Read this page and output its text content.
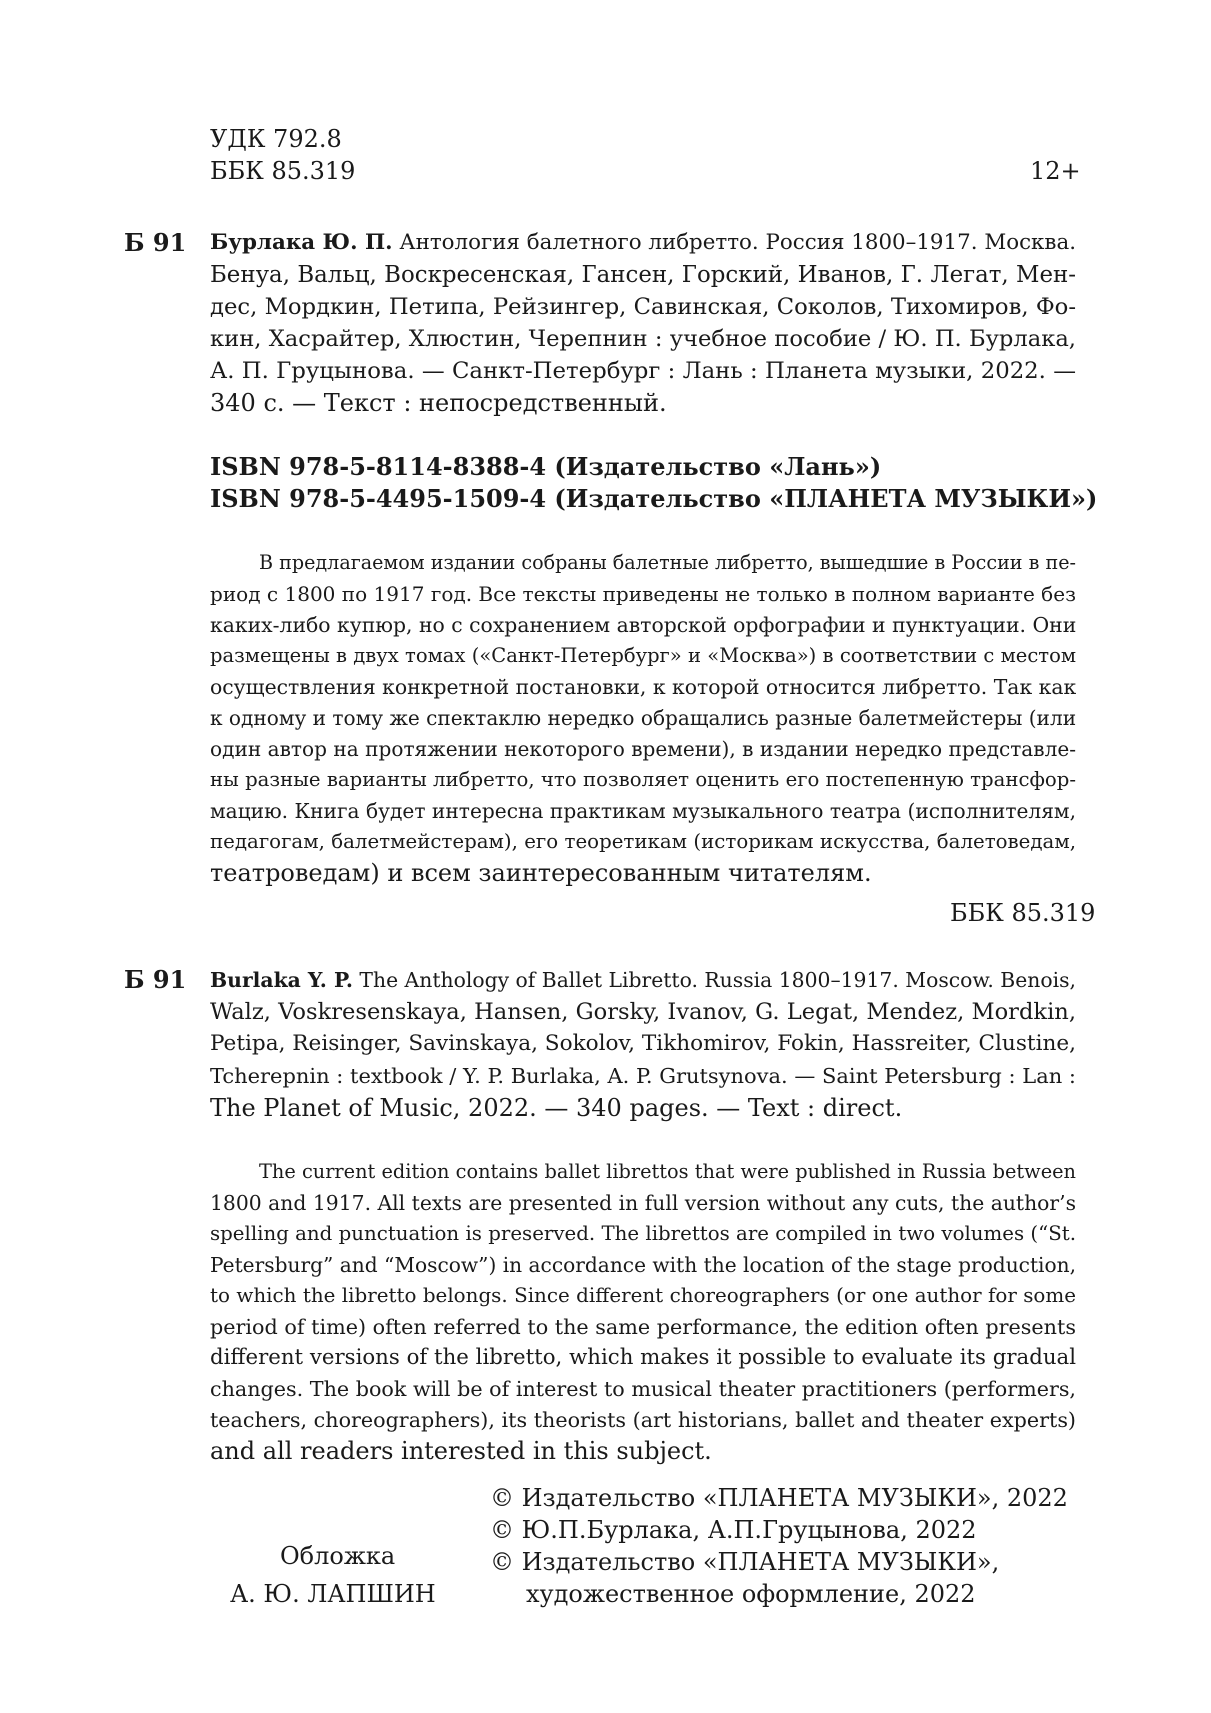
УДК 792.8
ББК 85.319	12+
Б 91 Бурлака Ю. П. Антология балетного либретто. Россия 1800–1917. Москва.
Бенуа, Вальц, Воскресенская, Гансен, Горский, Иванов, Г. Легат, Мен-
дес, Мордкин, Петипа, Рейзингер, Савинская, Соколов, Тихомиров, Фо-
кин, Хасрайтер, Хлюстин, Черепнин : учебное пособие / Ю. П. Бурлака,
А. П. Груцынова. — Санкт-Петербург : Лань : Планета музыки, 2022. —
340 с. — Текст : непосредственный.
ISBN 978-5-8114-8388-4 (Издательство «Лань»)
ISBN 978-5-4495-1509-4 (Издательство «ПЛАНЕТА МУЗЫКИ»)
В предлагаемом издании собраны балетные либретто, вышедшие в России в пе-
риод с 1800 по 1917 год. Все тексты приведены не только в полном варианте без
каких-либо купюр, но с сохранением авторской орфографии и пунктуации. Они
размещены в двух томах («Санкт-Петербург» и «Москва») в соответствии с местом
осуществления конкретной постановки, к которой относится либретто. Так как
к одному и тому же спектаклю нередко обращались разные балетмейстеры (или
один автор на протяжении некоторого времени), в издании нередко представле-
ны разные варианты либретто, что позволяет оценить его постепенную трансфор-
мацию. Книга будет интересна практикам музыкального театра (исполнителям,
педагогам, балетмейстерам), его теоретикам (историкам искусства, балетоведам,
театроведам) и всем заинтересованным читателям.
ББК 85.319
Б 91 Burlaka Y. P. The Anthology of Ballet Libretto. Russia 1800–1917. Moscow. Benois,
Walz, Voskresenskaya, Hansen, Gorsky, Ivanov, G. Legat, Mendez, Mordkin,
Petipa, Reisinger, Savinskaya, Sokolov, Tikhomirov, Fokin, Hassreiter, Clustine,
Tcherepnin : textbook / Y. P. Burlaka, A. P. Grutsynova. — Saint Petersburg : Lan :
The Planet of Music, 2022. — 340 pages. — Text : direct.
The current edition contains ballet librettos that were published in Russia between
1800 and 1917. All texts are presented in full version without any cuts, the author’s
spelling and punctuation is preserved. The librettos are compiled in two volumes (“St.
Petersburg” and “Moscow”) in accordance with the location of the stage production,
to which the libretto belongs. Since different choreographers (or one author for some
period of time) often referred to the same performance, the edition often presents
different versions of the libretto, which makes it possible to evaluate its gradual
changes. The book will be of interest to musical theater practitioners (performers,
teachers, choreographers), its theorists (art historians, ballet and theater experts)
and all readers interested in this subject.
Обложка
А. Ю. ЛАПШИН
© Издательство «ПЛАНЕТА МУЗЫКИ», 2022
© Ю.П.Бурлака, А.П.Груцынова, 2022
© Издательство «ПЛАНЕТА МУЗЫКИ»,
художественное оформление, 2022
